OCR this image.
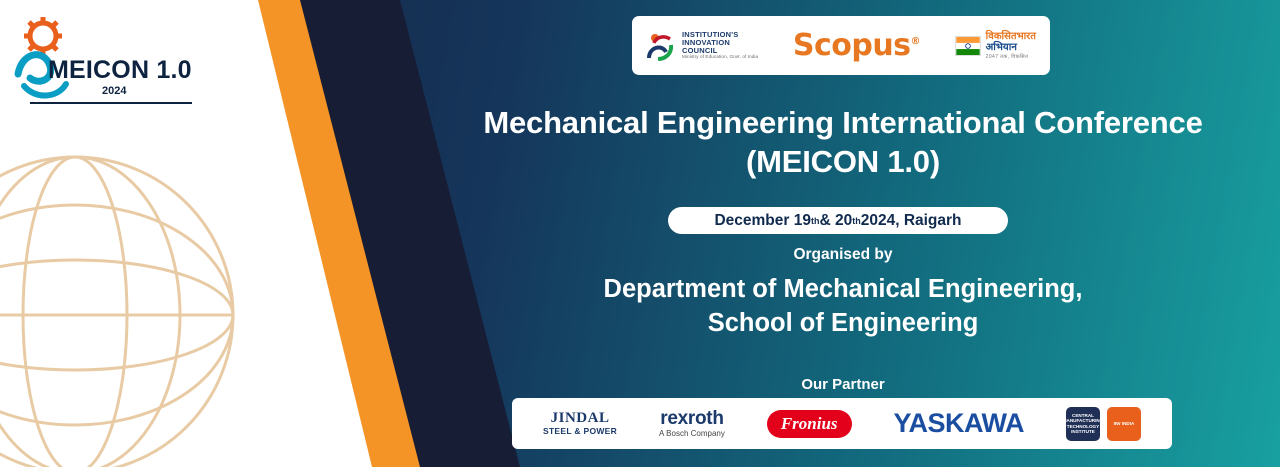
MEICON 1.0
2024
INSTITUTION'S
INNOVATION
COUNCIL
Ministry of Education, Govt. of India Scopus®	विकसितभारत
अभियान
2047 तक, विकसित
Mechanical Engineering International Conference
(MEICON 1.0)
December 19 th & 20 th 2024, Raigarh
Organised by
Department of Mechanical Engineering,
School of Engineering
Our Partner
JINDAL
STEEL & POWER
rexroth
A Bosch Company
Fronius	YASKAWA	CENTRAL MANUFACTURING TECHNOLOGY INSTITUTE
IIW INDIA
